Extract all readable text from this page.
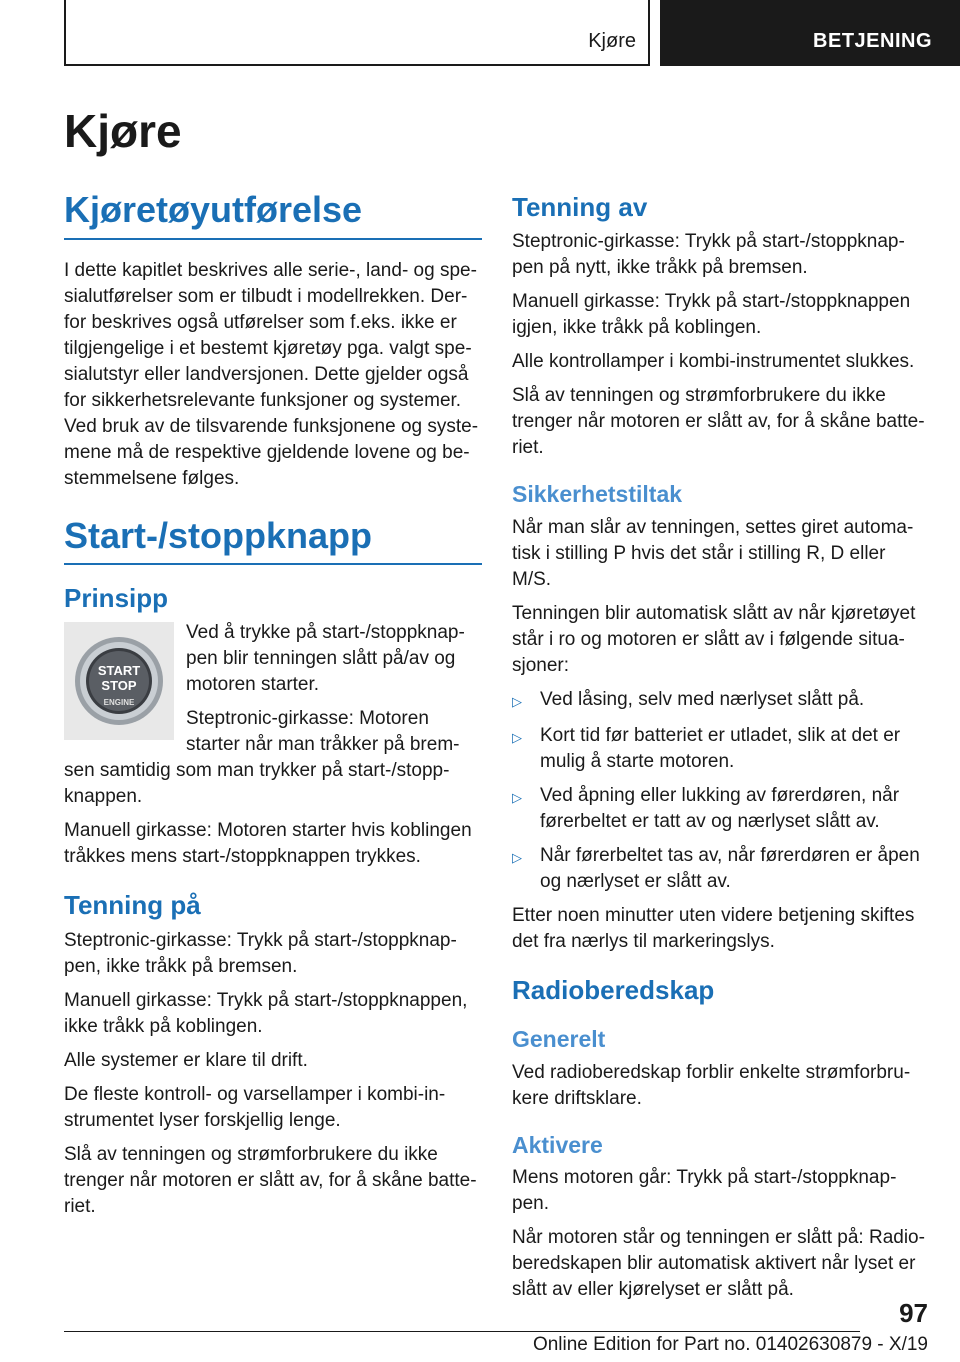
Kjøre	BETJENING
Kjøre
Kjøretøyutførelse

I dette kapitlet beskrives alle serie-, land- og spesialutførelser som er tilbudt i modellrekken. Derfor beskrives også utførelser som f.eks. ikke er tilgjengelige i et bestemt kjøretøy pga. valgt spesialutstyr eller landversjonen. Dette gjelder også for sikkerhetsrelevante funksjoner og systemer. Ved bruk av de tilsvarende funksjonene og systemene må de respektive gjeldende lovene og bestemmelsene følges.

Start-/stoppknapp
Prinsipp
START
STOP
ENGINE

Ved å trykke på start-/stoppknappen blir tenningen slått på/av og motoren starter.

Steptronic-girkasse: Motoren starter når man tråkker på bremsen samtidig som man trykker på start-/stoppknappen.

Manuell girkasse: Motoren starter hvis koblingen tråkkes mens start-/stoppknappen trykkes.

Tenning på

Steptronic-girkasse: Trykk på start-/stoppknappen, ikke tråkk på bremsen.

Manuell girkasse: Trykk på start-/stoppknappen, ikke tråkk på koblingen.

Alle systemer er klare til drift.

De fleste kontroll- og varsellamper i kombi-instrumentet lyser forskjellig lenge.

Slå av tenningen og strømforbrukere du ikke trenger når motoren er slått av, for å skåne batteriet.

Tenning av

Steptronic-girkasse: Trykk på start-/stoppknappen på nytt, ikke tråkk på bremsen.

Manuell girkasse: Trykk på start-/stoppknappen igjen, ikke tråkk på koblingen.

Alle kontrollamper i kombi-instrumentet slukkes.

Slå av tenningen og strømforbrukere du ikke trenger når motoren er slått av, for å skåne batteriet.

Sikkerhetstiltak

Når man slår av tenningen, settes giret automatisk i stilling P hvis det står i stilling R, D eller M/S.

Tenningen blir automatisk slått av når kjøretøyet står i ro og motoren er slått av i følgende situasjoner:

▷ Ved låsing, selv med nærlyset slått på.
▷ Kort tid før batteriet er utladet, slik at det er mulig å starte motoren.
▷ Ved åpning eller lukking av førerdøren, når førerbeltet er tatt av og nærlyset slått av.
▷ Når førerbeltet tas av, når førerdøren er åpen og nærlyset er slått av.

Etter noen minutter uten videre betjening skiftes det fra nærlys til markeringslys.

Radioberedskap
Generelt

Ved radioberedskap forblir enkelte strømforbrukere driftsklare.

Aktivere

Mens motoren går: Trykk på start-/stoppknappen.

Når motoren står og tenningen er slått på: Radioberedskapen blir automatisk aktivert når lyset er slått av eller kjørelyset er slått på.

97
Online Edition for Part no. 01402630879 - X/19
